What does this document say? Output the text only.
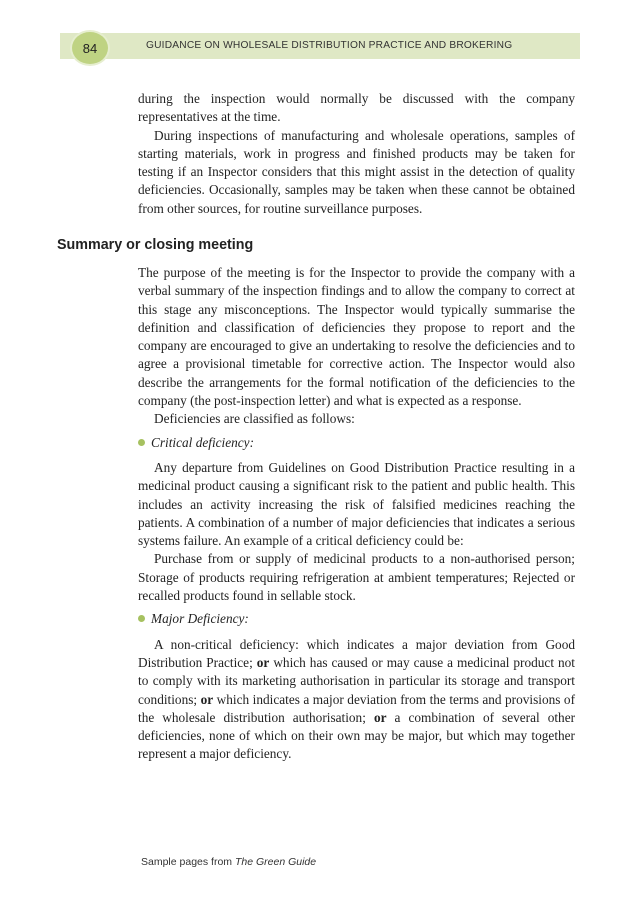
84	GUIDANCE ON WHOLESALE DISTRIBUTION PRACTICE AND BROKERING

during the inspection would normally be discussed with the company representatives at the time.

During inspections of manufacturing and wholesale operations, samples of starting materials, work in progress and finished products may be taken for testing if an Inspector considers that this might assist in the detection of quality deficiencies. Occasionally, samples may be taken when these cannot be obtained from other sources, for routine surveillance purposes.

Summary or closing meeting

The purpose of the meeting is for the Inspector to provide the company with a verbal summary of the inspection findings and to allow the company to correct at this stage any misconceptions. The Inspector would typically summarise the definition and classification of deficiencies they propose to report and the company are encouraged to give an undertaking to resolve the deficiencies and to agree a provisional timetable for corrective action. The Inspector would also describe the arrangements for the formal notification of the deficiencies to the company (the post-inspection letter) and what is expected as a response.

Deficiencies are classified as follows:

Critical deficiency:

Any departure from Guidelines on Good Distribution Practice resulting in a medicinal product causing a significant risk to the patient and public health. This includes an activity increasing the risk of falsified medicines reaching the patients. A combination of a number of major deficiencies that indicates a serious systems failure. An example of a critical deficiency could be:

Purchase from or supply of medicinal products to a non-authorised person; Storage of products requiring refrigeration at ambient temperatures; Rejected or recalled products found in sellable stock.

Major Deficiency:

A non-critical deficiency: which indicates a major deviation from Good Distribution Practice; or which has caused or may cause a medicinal product not to comply with its marketing authorisation in particular its storage and transport conditions; or which indicates a major deviation from the terms and provisions of the wholesale distribution authorisation; or a combination of several other deficiencies, none of which on their own may be major, but which may together represent a major deficiency.

Sample pages from The Green Guide
